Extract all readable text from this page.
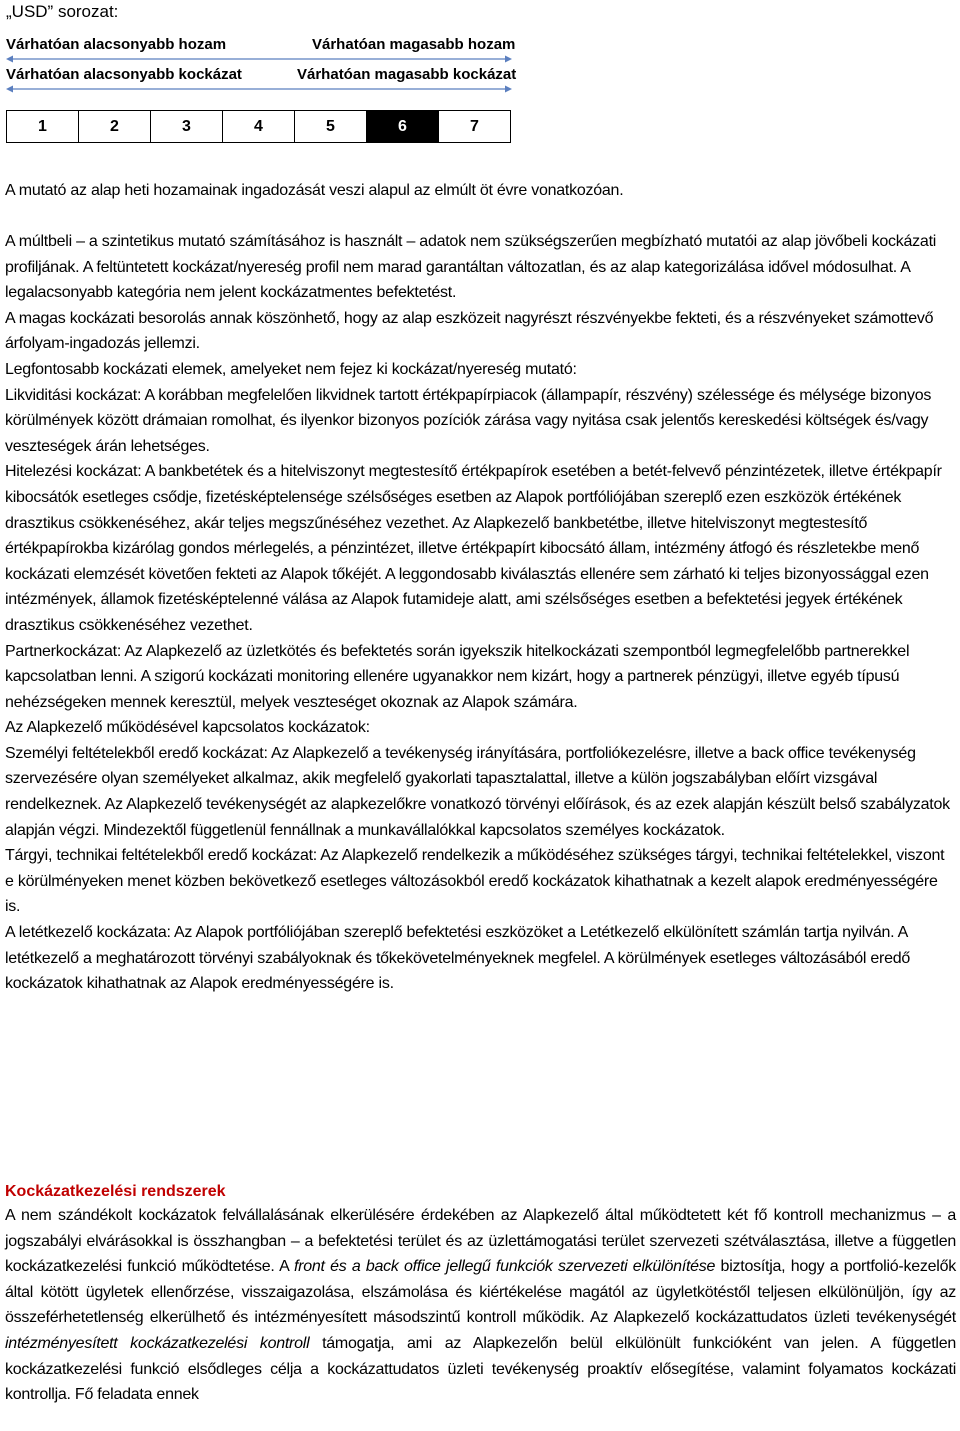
„USD” sorozat:
Várhatóan alacsonyabb hozam	Várhatóan magasabb hozam
Várhatóan alacsonyabb kockázat	Várhatóan magasabb kockázat
1	2	3	4	5	6	7
A mutató az alap heti hozamainak ingadozását veszi alapul az elmúlt öt évre vonatkozóan.

A múltbeli – a szintetikus mutató számításához is használt – adatok nem szükségszerűen megbízható mutatói az alap jövőbeli kockázati profiljának. A feltüntetett kockázat/nyereség profil nem marad garantáltan változatlan, és az alap kategorizálása idővel módosulhat. A legalacsonyabb kategória nem jelent kockázatmentes befektetést.

A magas kockázati besorolás annak köszönhető, hogy az alap eszközeit nagyrészt részvényekbe fekteti, és a részvényeket számottevő árfolyam-ingadozás jellemzi.

Legfontosabb kockázati elemek, amelyeket nem fejez ki kockázat/nyereség mutató:

Likviditási kockázat: A korábban megfelelően likvidnek tartott értékpapírpiacok (állampapír, részvény) szélessége és mélysége bizonyos körülmények között drámaian romolhat, és ilyenkor bizonyos pozíciók zárása vagy nyitása csak jelentős kereskedési költségek és/vagy veszteségek árán lehetséges.

Hitelezési kockázat: A bankbetétek és a hitelviszonyt megtestesítő értékpapírok esetében a betét-felvevő pénzintézetek, illetve értékpapír kibocsátók esetleges csődje, fizetésképtelensége szélsőséges esetben az Alapok portfóliójában szereplő ezen eszközök értékének drasztikus csökkenéséhez, akár teljes megszűnéséhez vezethet. Az Alapkezelő bankbetétbe, illetve hitelviszonyt megtestesítő értékpapírokba kizárólag gondos mérlegelés, a pénzintézet, illetve értékpapírt kibocsátó állam, intézmény átfogó és részletekbe menő kockázati elemzését követően fekteti az Alapok tőkéjét. A leggondosabb kiválasztás ellenére sem zárható ki teljes bizonyossággal ezen intézmények, államok fizetésképtelenné válása az Alapok futamideje alatt, ami szélsőséges esetben a befektetési jegyek értékének drasztikus csökkenéséhez vezethet.

Partnerkockázat: Az Alapkezelő az üzletkötés és befektetés során igyekszik hitelkockázati szempontból legmegfelelőbb partnerekkel kapcsolatban lenni. A szigorú kockázati monitoring ellenére ugyanakkor nem kizárt, hogy a partnerek pénzügyi, illetve egyéb típusú nehézségeken mennek keresztül, melyek veszteséget okoznak az Alapok számára.

Az Alapkezelő működésével kapcsolatos kockázatok:

Személyi feltételekből eredő kockázat: Az Alapkezelő a tevékenység irányítására, portfoliókezelésre, illetve a back office tevékenység szervezésére olyan személyeket alkalmaz, akik megfelelő gyakorlati tapasztalattal, illetve a külön jogszabályban előírt vizsgával rendelkeznek. Az Alapkezelő tevékenységét az alapkezelőkre vonatkozó törvényi előírások, és az ezek alapján készült belső szabályzatok alapján végzi. Mindezektől függetlenül fennállnak a munkavállalókkal kapcsolatos személyes kockázatok.

Tárgyi, technikai feltételekből eredő kockázat: Az Alapkezelő rendelkezik a működéséhez szükséges tárgyi, technikai feltételekkel, viszont e körülményeken menet közben bekövetkező esetleges változásokból eredő kockázatok kihathatnak a kezelt alapok eredményességére is.

A letétkezelő kockázata: Az Alapok portfóliójában szereplő befektetési eszközöket a Letétkezelő elkülönített számlán tartja nyilván. A letétkezelő a meghatározott törvényi szabályoknak és tőkekövetelményeknek megfelel. A körülmények esetleges változásából eredő kockázatok kihathatnak az Alapok eredményességére is.

Kockázatkezelési rendszerek

A nem szándékolt kockázatok felvállalásának elkerülésére érdekében az Alapkezelő által működtetett két fő kontroll mechanizmus – a jogszabályi elvárásokkal is összhangban – a befektetési terület és az üzlettámogatási terület szervezeti szétválasztása, illetve a független kockázatkezelési funkció működtetése. A front és a back office jellegű funkciók szervezeti elkülönítése biztosítja, hogy a portfolió-kezelők által kötött ügyletek ellenőrzése, visszaigazolása, elszámolása és kiértékelése magától az ügyletkötéstől teljesen elkülönüljön, így az összeférhetetlenség elkerülhető és intézményesített másodszintű kontroll működik. Az Alapkezelő kockázattudatos üzleti tevékenységét intézményesített kockázatkezelési kontroll támogatja, ami az Alapkezelőn belül elkülönült funkcióként van jelen. A független kockázatkezelési funkció elsődleges célja a kockázattudatos üzleti tevékenység proaktív elősegítése, valamint folyamatos kockázati kontrollja. Fő feladata ennek
